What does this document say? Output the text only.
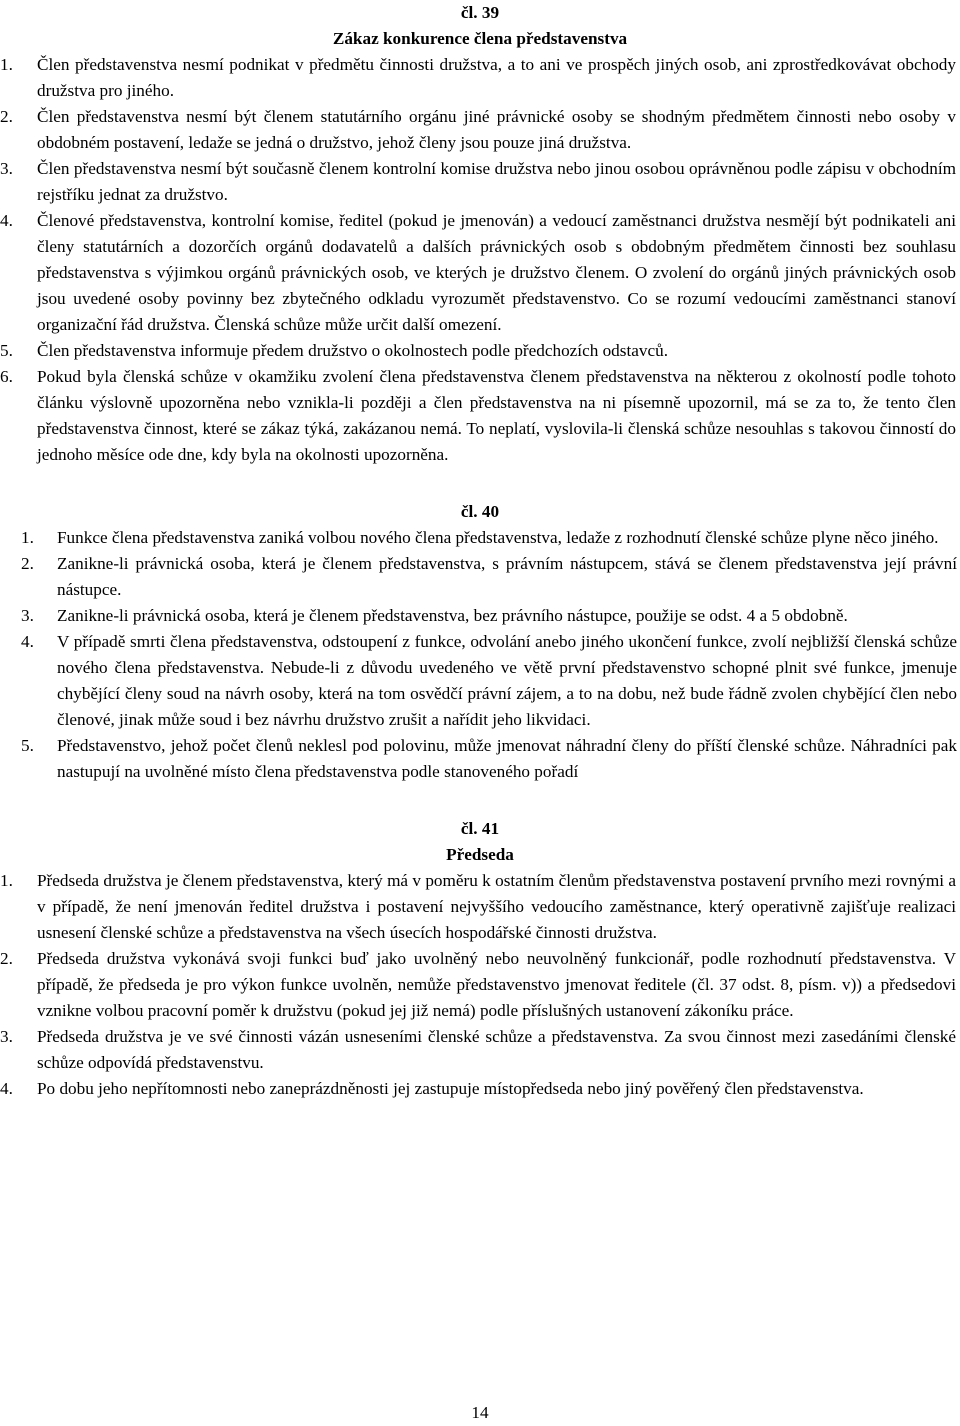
čl. 39
Zákaz konkurence člena představenstva
1. Člen představenstva nesmí podnikat v předmětu činnosti družstva, a to ani ve prospěch jiných osob, ani zprostředkovávat obchody družstva pro jiného.
2. Člen představenstva nesmí být členem statutárního orgánu jiné právnické osoby se shodným předmětem činnosti nebo osoby v obdobném postavení, ledaže se jedná o družstvo, jehož členy jsou pouze jiná družstva.
3. Člen představenstva nesmí být současně členem kontrolní komise družstva nebo jinou osobou oprávněnou podle zápisu v obchodním rejstříku jednat za družstvo.
4. Členové představenstva, kontrolní komise, ředitel (pokud je jmenován) a vedoucí zaměstnanci družstva nesmějí být podnikateli ani členy statutárních a dozorčích orgánů dodavatelů a dalších právnických osob s obdobným předmětem činnosti bez souhlasu představenstva s výjimkou orgánů právnických osob, ve kterých je družstvo členem. O zvolení do orgánů jiných právnických osob jsou uvedené osoby povinny bez zbytečného odkladu vyrozumět představenstvo. Co se rozumí vedoucími zaměstnanci stanoví organizační řád družstva. Členská schůze může určit další omezení.
5. Člen představenstva informuje předem družstvo o okolnostech podle předchozích odstavců.
6. Pokud byla členská schůze v okamžiku zvolení člena představenstva členem představenstva na některou z okolností podle tohoto článku výslovně upozorněna nebo vznikla-li později a člen představenstva na ni písemně upozornil, má se za to, že tento člen představenstva činnost, které se zákaz týká, zakázanou nemá. To neplatí, vyslovila-li členská schůze nesouhlas s takovou činností do jednoho měsíce ode dne, kdy byla na okolnosti upozorněna.
čl. 40
1. Funkce člena představenstva zaniká volbou nového člena představenstva, ledaže z rozhodnutí členské schůze plyne něco jiného.
2. Zanikne-li právnická osoba, která je členem představenstva, s právním nástupcem, stává se členem představenstva její právní nástupce.
3. Zanikne-li právnická osoba, která je členem představenstva, bez právního nástupce, použije se odst. 4 a 5 obdobně.
4. V případě smrti člena představenstva, odstoupení z funkce, odvolání anebo jiného ukončení funkce, zvolí nejbližší členská schůze nového člena představenstva. Nebude-li z důvodu uvedeného ve větě první představenstvo schopné plnit své funkce, jmenuje chybějící členy soud na návrh osoby, která na tom osvědčí právní zájem, a to na dobu, než bude řádně zvolen chybějící člen nebo členové, jinak může soud i bez návrhu družstvo zrušit a nařídit jeho likvidaci.
5. Představenstvo, jehož počet členů neklesl pod polovinu, může jmenovat náhradní členy do příští členské schůze. Náhradníci pak nastupují na uvolněné místo člena představenstva podle stanoveného pořadí
čl. 41
Předseda
1. Předseda družstva je členem představenstva, který má v poměru k ostatním členům představenstva postavení prvního mezi rovnými a v případě, že není jmenován ředitel družstva i postavení nejvyššího vedoucího zaměstnance, který operativně zajišťuje realizaci usnesení členské schůze a představenstva na všech úsecích hospodářské činnosti družstva.
2. Předseda družstva vykonává svoji funkci buď jako uvolněný nebo neuvolněný funkcionář, podle rozhodnutí představenstva. V případě, že předseda je pro výkon funkce uvolněn, nemůže představenstvo jmenovat ředitele (čl. 37 odst. 8, písm. v)) a předsedovi vznikne volbou pracovní poměr k družstvu (pokud jej již nemá) podle příslušných ustanovení zákoníku práce.
3. Předseda družstva je ve své činnosti vázán usneseními členské schůze a představenstva. Za svou činnost mezi zasedáními členské schůze odpovídá představenstvu.
4. Po dobu jeho nepřítomnosti nebo zaneprázdněnosti jej zastupuje místopředseda nebo jiný pověřený člen představenstva.
14
